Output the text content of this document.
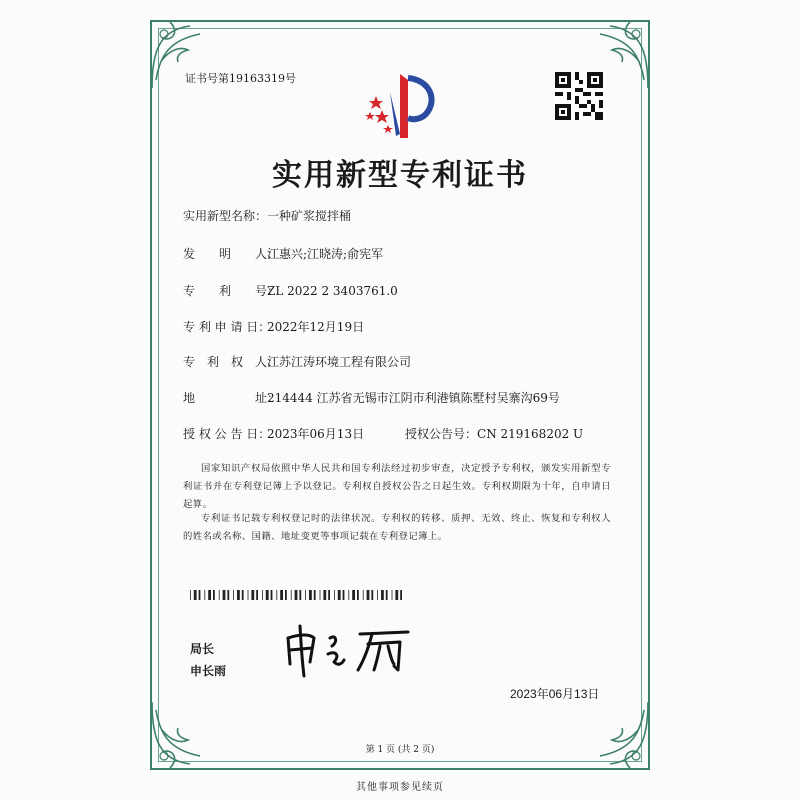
证书号第19163319号
实用新型专利证书
实用新型名称：一种矿浆搅拌桶
发　　明　　人：江惠兴;江晓涛;俞宪军
专　　利　　号：ZL 2022 2 3403761.0
专 利 申 请 日：2022年12月19日
专　利　权　人：江苏江涛环境工程有限公司
地　　　　　址：214444 江苏省无锡市江阴市利港镇陈墅村吴寨沟69号
授 权 公 告 日：2023年06月13日	授权公告号：CN 219168202 U
国家知识产权局依照中华人民共和国专利法经过初步审查，决定授予专利权，颁发实用新型专利证书并在专利登记簿上予以登记。专利权自授权公告之日起生效。专利权期限为十年，自申请日起算。
专利证书记载专利权登记时的法律状况。专利权的转移、质押、无效、终止、恢复和专利权人的姓名或名称、国籍、地址变更等事项记载在专利登记簿上。
局长
申长雨
2023年06月13日
第 1 页 (共 2 页)
其他事项参见续页
